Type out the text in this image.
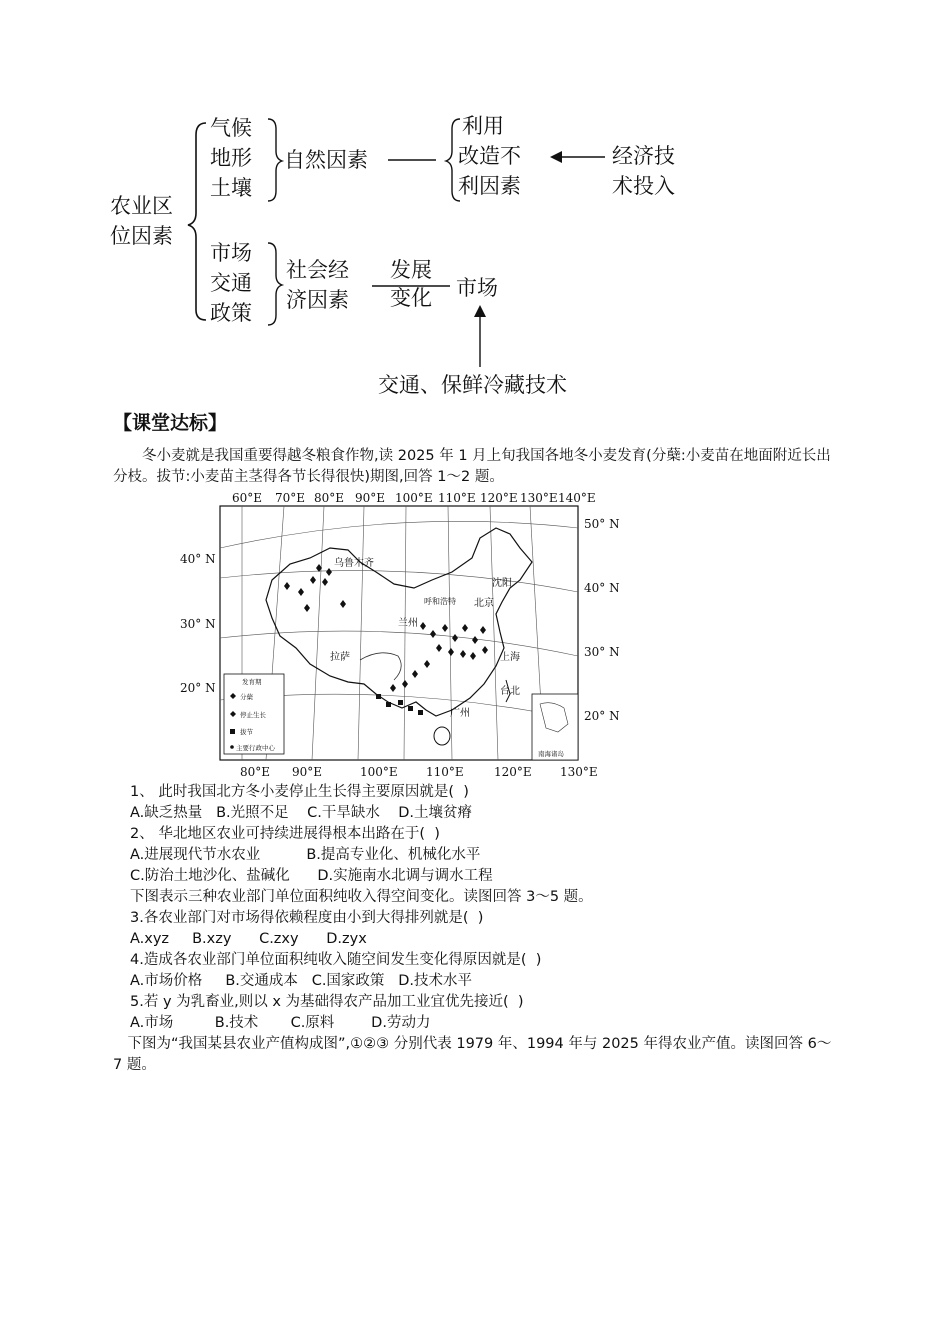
农业区
位因素
气候
地形
土壤
自然因素
利用
改造不
利因素
经济技
术投入
市场
交通
政策
社会经
济因素
发展
变化 市场
交通、保鲜冷藏技术
【课堂达标】
冬小麦就是我国重要得越冬粮食作物,读 2025 年 1 月上旬我国各地冬小麦发育(分蘖:小麦苗在地面附近长出分枝。拔节:小麦苗主茎得各节长得很快)期图,回答 1～2 题。
60°E 70°E 80°E 90°E 100°E 110°E 120°E 130°E 140°E
40° N
30° N
20° N
50° N
40° N
30° N
20° N
乌鲁木齐
沈阳
呼和浩特 北京
兰州
拉萨	上海
台北
广州
发育期
分蘖
停止生长
拔节
主要行政中心
南海诸岛
80°E 90°E	100°E 110°E	120°E 130°E
1、 此时我国北方冬小麦停止生长得主要原因就是(  )
A.缺乏热量   B.光照不足    C.干旱缺水    D.土壤贫瘠
2、 华北地区农业可持续进展得根本出路在于(  )
A.进展现代节水农业          B.提高专业化、机械化水平
C.防治土地沙化、盐碱化      D.实施南水北调与调水工程
下图表示三种农业部门单位面积纯收入得空间变化。读图回答 3～5 题。
3.各农业部门对市场得依赖程度由小到大得排列就是(  )
A.xyz     B.xzy      C.zxy      D.zyx
4.造成各农业部门单位面积纯收入随空间发生变化得原因就是(  )
A.市场价格     B.交通成本   C.国家政策   D.技术水平
5.若 y 为乳畜业,则以 x 为基础得农产品加工业宜优先接近(  )
A.市场         B.技术       C.原料        D.劳动力
下图为“我国某县农业产值构成图”,①②③ 分别代表 1979 年、1994 年与 2025 年得农业产值。读图回答 6～7 题。
